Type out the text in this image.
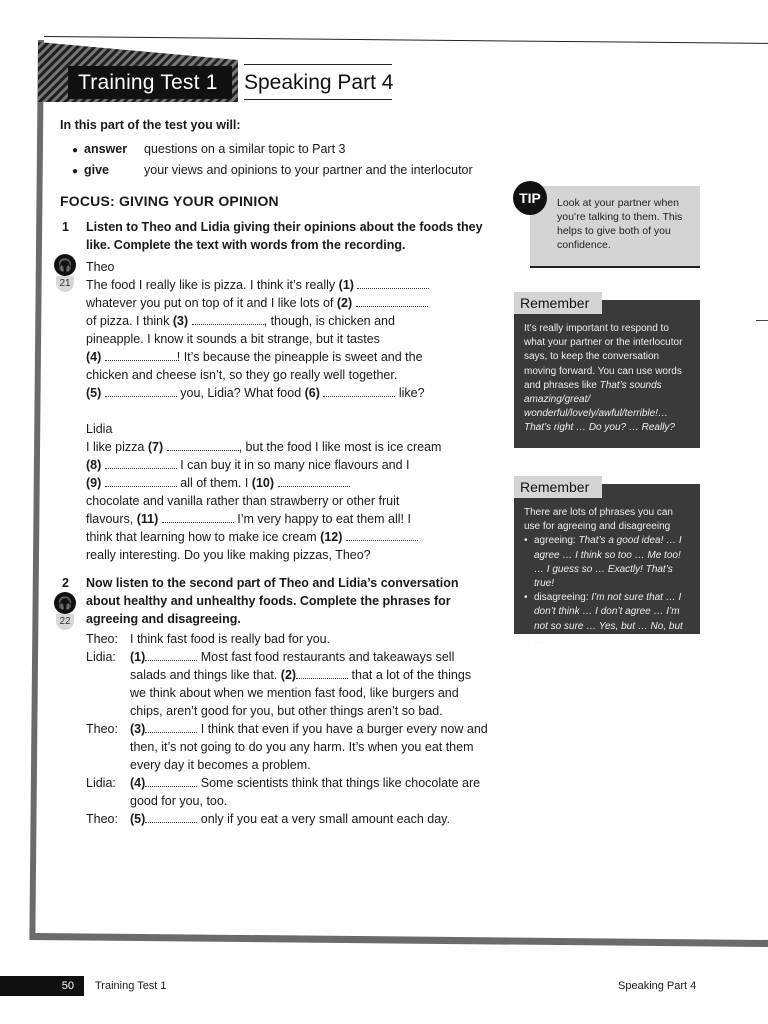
Training Test 1	Speaking Part 4
In this part of the test you will:
● answer	questions on a similar topic to Part 3
● give	your views and opinions to your partner and the interlocutor
FOCUS: GIVING YOUR OPINION
1 Listen to Theo and Lidia giving their opinions about the foods they like. Complete the text with words from the recording.
🎧
21
Theo
The food I really like is pizza. I think it’s really (1)
whatever you put on top of it and I like lots of (2)
of pizza. I think (3)	, though, is chicken and
pineapple. I know it sounds a bit strange, but it tastes
(4)	! It’s because the pineapple is sweet and the
chicken and cheese isn’t, so they go really well together.
(5)	you, Lidia? What food (6)	like?
Lidia
I like pizza (7)	, but the food I like most is ice cream
(8)	I can buy it in so many nice flavours and I
(9)	all of them. I (10)
chocolate and vanilla rather than strawberry or other fruit
flavours, (11)	I’m very happy to eat them all! I
think that learning how to make ice cream (12)
really interesting. Do you like making pizzas, Theo?
2 Now listen to the second part of Theo and Lidia’s conversation about healthy and unhealthy foods. Complete the phrases for agreeing and disagreeing.
🎧
22
Theo: I think fast food is really bad for you.
Lidia:	(1)	Most fast food restaurants and takeaways sell salads and things like that. (2)	that a lot of the things we think about when we mention fast food, like burgers and chips, aren’t good for you, but other things aren’t so bad.
Theo: (3)	I think that even if you have a burger every now and then, it’s not going to do you any harm. It’s when you eat them every day it becomes a problem.
Lidia:	(4)	Some scientists think that things like chocolate are good for you, too.
Theo: (5)	only if you eat a very small amount each day.
TIP	Look at your partner when you’re talking to them. This helps to give both of you confidence.
Remember
It’s really important to respond to what your partner or the interlocutor says, to keep the conversation moving forward. You can use words and phrases like That’s sounds amazing/great/ wonderful/lovely/awful/terrible!… That’s right … Do you? … Really?
Remember
There are lots of phrases you can use for agreeing and disagreeing
• agreeing: That’s a good idea! … I agree … I think so too … Me too! … I guess so … Exactly! That’s true!
• disagreeing: I’m not sure that … I don’t think … I don’t agree … I’m not so sure … Yes, but … No, but …
50	Training Test 1	Speaking Part 4
